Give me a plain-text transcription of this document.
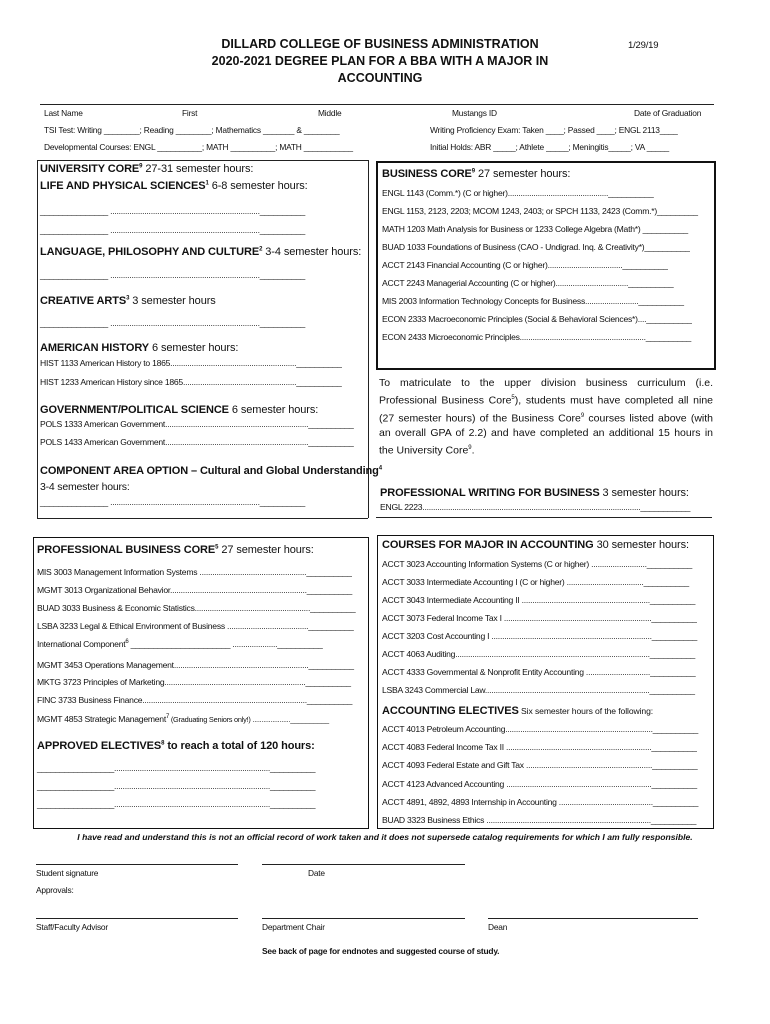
DILLARD COLLEGE OF BUSINESS ADMINISTRATION
2020-2021 DEGREE PLAN FOR A BBA WITH A MAJOR IN
ACCOUNTING
1/29/19
Last Name	First	Middle	Mustangs ID	Date of Graduation
TSI Test: Writing ________; Reading ________; Mathematics _______ & ________	Writing Proficiency Exam: Taken ____; Passed ____; ENGL 2113____
Developmental Courses: ENGL __________; MATH __________; MATH ___________	Initial Holds: ABR _____; Athlete _____; Meningitis_____; VA _____
UNIVERSITY CORE$^9$ 27-31 semester hours:
LIFE AND PHYSICAL SCIENCES$^1$ 6-8 semester hours:
_______________ ......................................................................__________
_______________ ......................................................................__________
LANGUAGE, PHILOSOPHY AND CULTURE$^2$ 3-4 semester hours:
_______________ ......................................................................__________
CREATIVE ARTS$^3$ 3 semester hours
_______________ ......................................................................__________
AMERICAN HISTORY 6 semester hours:
HIST 1133 American History to 1865...........................................................__________
HIST 1233 American History since 1865.....................................................__________
GOVERNMENT/POLITICAL SCIENCE 6 semester hours:
POLS 1333 American Government...................................................................__________
POLS 1433 American Government...................................................................__________
COMPONENT AREA OPTION – Cultural and Global Understanding$^4$
3-4 semester hours:
_______________ ......................................................................__________
BUSINESS CORE$^9$ 27 semester hours:
ENGL 1143 (Comm.*) (C or higher)...............................................__________
ENGL 1153, 2123, 2203; MCOM 1243, 2403; or SPCH 1133, 2423 (Comm.*)_________
MATH 1203 Math Analysis for Business or 1233 College Algebra (Math*) __________
BUAD 1033 Foundations of Business (CAO - Undigrad. Inq. & Creativity*)__________
ACCT 2143 Financial Accounting (C or higher)...................................__________
ACCT 2243 Managerial Accounting (C or higher)..................................__________
MIS 2003 Information Technology Concepts for Business.........................__________
ECON 2333 Macroeconomic Principles (Social & Behavioral Sciences*)....__________
ECON 2433 Microeconomic Principles...........................................................__________
To matriculate to the upper division business curriculum (i.e. Professional Business Core$^5$), students must have completed all nine (27 semester hours) of the Business Core$^9$ courses listed above (with an overall GPA of 2.2) and have completed an additional 15 hours in the University Core$^9$.
PROFESSIONAL WRITING FOR BUSINESS 3 semester hours:
ENGL 2223......................................................................................................___________
PROFESSIONAL BUSINESS CORE$^5$ 27 semester hours:
MIS 3003 Management Information Systems ..................................................__________
MGMT 3013 Organizational Behavior................................................................__________
BUAD 3033 Business & Economic Statistics......................................................__________
LSBA 3233 Legal & Ethical Environment of Business ......................................__________
International Component$^6$ ______________________ .....................__________
MGMT 3453 Operations Management...............................................................__________
MKTG 3723 Principles of Marketing..................................................................__________
FINC 3733 Business Finance.............................................................................__________
MGMT 4853 Strategic Management$^7$ (Graduating Seniors only!) .....................__________
APPROVED ELECTIVES$^8$ to reach a total of 120 hours:
_________________.........................................................................__________
_________________.........................................................................__________
_________________.........................................................................__________
COURSES FOR MAJOR IN ACCOUNTING 30 semester hours:
ACCT 3023 Accounting Information Systems (C or higher) ..........................__________
ACCT 3033 Intermediate Accounting I (C or higher) ....................................__________
ACCT 3043 Intermediate Accounting II ............................................................__________
ACCT 3073 Federal Income Tax I .....................................................................__________
ACCT 3203 Cost Accounting I ...........................................................................__________
ACCT 4063 Auditing...........................................................................................__________
ACCT 4333 Governmental & Nonprofit Entity Accounting ..............................__________
LSBA 3243 Commercial Law.............................................................................__________
ACCOUNTING ELECTIVES Six semester hours of the following:
ACCT 4013 Petroleum Accounting.....................................................................__________
ACCT 4083 Federal Income Tax II ....................................................................__________
ACCT 4093 Federal Estate and Gift Tax ...........................................................__________
ACCT 4123 Advanced Accounting ....................................................................__________
ACCT 4891, 4892, 4893 Internship in Accounting ............................................__________
BUAD 3323 Business Ethics .............................................................................__________
I have read and understand this is not an official record of work taken and it does not supersede catalog requirements for which I am fully responsible.
Student signature	Date
Approvals:
Staff/Faculty Advisor	Department Chair	Dean
See back of page for endnotes and suggested course of study.
